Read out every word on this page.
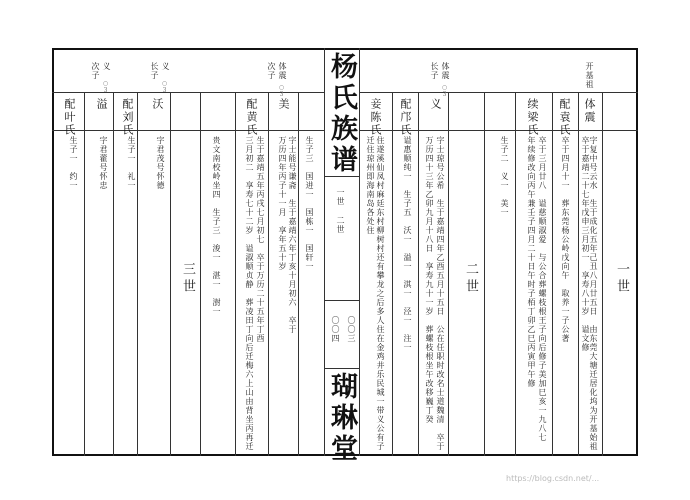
杨氏族谱
瑚琳堂
一世 二世
〇〇三
〇〇四
一世
二世
三世
开基祖
长子 体震
○3
次子 体震
○3
长子 义
○3
次子 义
○3
体震
字复中号云水　生于成化五年己丑八月廿五日　由东莞大塘迁居化坞为开基始祖
卒于嘉靖二十七年戊申三月初一　享寿八十岁　谥文修
配袁氏
卒于四月十一　葬东莞杨公岭戊向午　取养一子公著
续梁氏
卒于三月廿八　谥慈顺淑爱　与公合葬螺枝根王子向后修子美加巳亥一九八七
年续修改向丙午兼壬子四月二十日午时子栢丁卯乙巳丙寅甲午修
生子二　义一　美一
义
字士琼号公希　生于嘉靖四年乙酉五月十五日　公在任职时改名士道魏清　卒于
万历四十三年乙卯九月十八日　享寿九十一岁　葬螺枝根坐午改移巍丁癸
配邝氏
谥惠顺纯一　生子五　沃一　溢一　淇一　泾一　注一
妾陈氏
住遂溪仙凤村麻廷东村柳树村还有攀龙之后多人住在金鸡井乐民城一带义公有子
迁住琼州即海南岛各处住
美
字士能号谦斋　生于嘉靖六年丁亥十月初六　卒于
万历四年丙子十一月　享年五十岁 生子三　国进一　国栋一　国轩一
配黄氏
生于嘉靖五年丙戌七月初七　卒于万历二十五年丁酉
三月初二　享寿七十二岁　谥淑顺贞静　葬凌田丁向后迁梅六上山由背坐丙再迁
贵文南校岭坐四　生子三　浚一　湛一　澍一
沃
字君茂号怀德
配刘氏
生子一　礼一
溢
字君藿号怀忠
配叶氏
生子一　约一
https://blog.csdn.net/...
